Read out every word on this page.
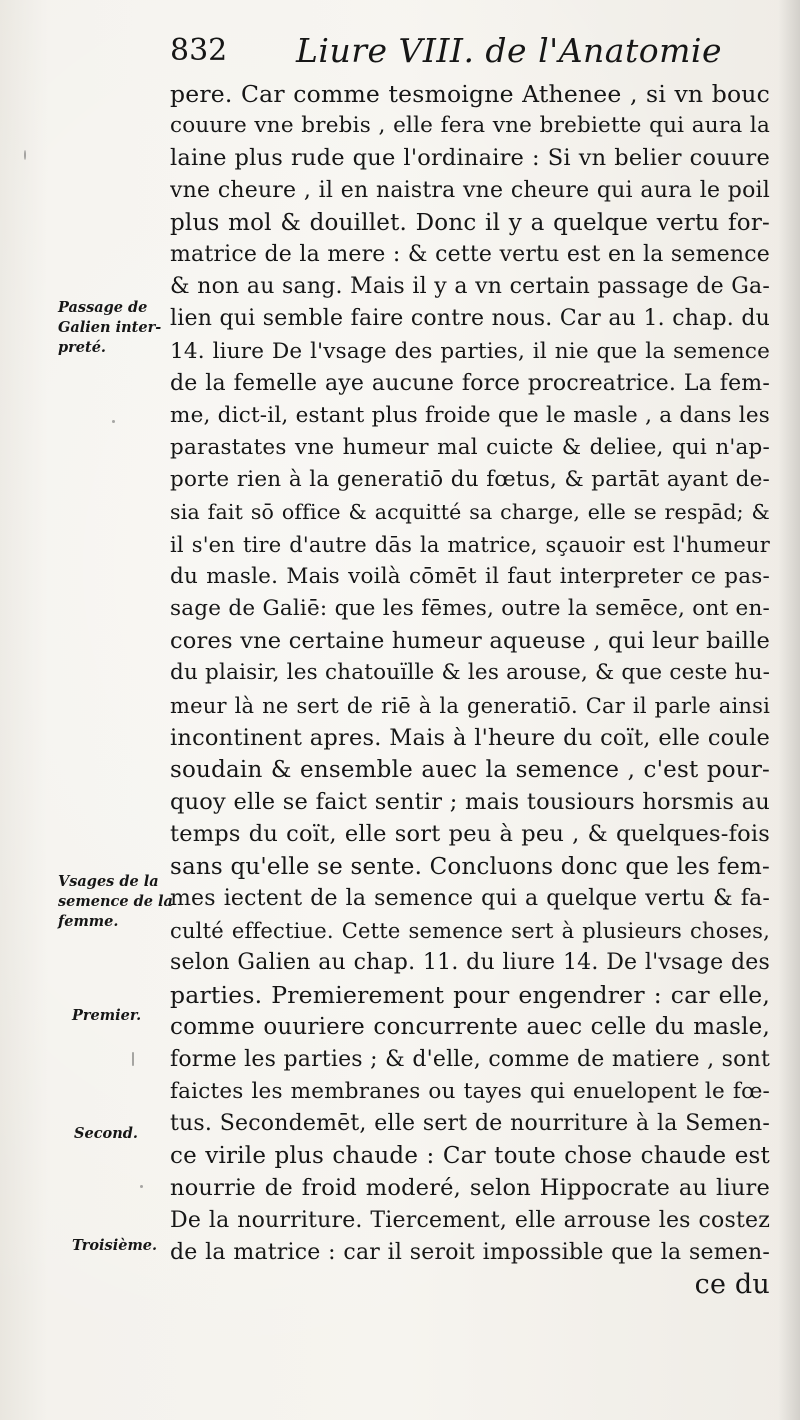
832 Liure VIII. de l'Anatomie
pere. Car comme tesmoigne Athenee , si vn bouc
couure vne brebis , elle fera vne brebiette qui aura la
laine plus rude que l'ordinaire : Si vn belier couure
vne cheure , il en naistra vne cheure qui aura le poil
plus mol & douillet. Donc il y a quelque vertu for-
matrice de la mere : & cette vertu est en la semence
& non au sang. Mais il y a vn certain passage de Ga-
lien qui semble faire contre nous. Car au 1. chap. du
14. liure De l'vsage des parties, il nie que la semence
de la femelle aye aucune force procreatrice. La fem-
me, dict-il, estant plus froide que le masle , a dans les
parastates vne humeur mal cuicte & deliee, qui n'ap-
porte rien à la generatiō du fœtus, & partāt ayant de-
sia fait sō office & acquitté sa charge, elle se respād; &
il s'en tire d'autre dās la matrice, sçauoir est l'humeur
du masle. Mais voilà cōmēt il faut interpreter ce pas-
sage de Galiē: que les fēmes, outre la semēce, ont en-
cores vne certaine humeur aqueuse , qui leur baille
du plaisir, les chatouïlle & les arouse, & que ceste hu-
meur là ne sert de riē à la generatiō. Car il parle ainsi
incontinent apres. Mais à l'heure du coït, elle coule
soudain & ensemble auec la semence , c'est pour-
quoy elle se faict sentir ; mais tousiours horsmis au
temps du coït, elle sort peu à peu , & quelques-fois
sans qu'elle se sente. Concluons donc que les fem-
mes iectent de la semence qui a quelque vertu & fa-
culté effectiue. Cette semence sert à plusieurs choses,
selon Galien au chap. 11. du liure 14. De l'vsage des
parties. Premierement pour engendrer : car elle,
comme ouuriere concurrente auec celle du masle,
forme les parties ; & d'elle, comme de matiere , sont
faictes les membranes ou tayes qui enuelopent le fœ-
tus. Secondemēt, elle sert de nourriture à la Semen-
ce virile plus chaude : Car toute chose chaude est
nourrie de froid moderé, selon Hippocrate au liure
De la nourriture. Tiercement, elle arrouse les costez
de la matrice : car il seroit impossible que la semen-
ce du
Passage de
Galien inter-
preté.
Vsages de la
semence de la
femme.
Premier.
Second.
Troisième.
